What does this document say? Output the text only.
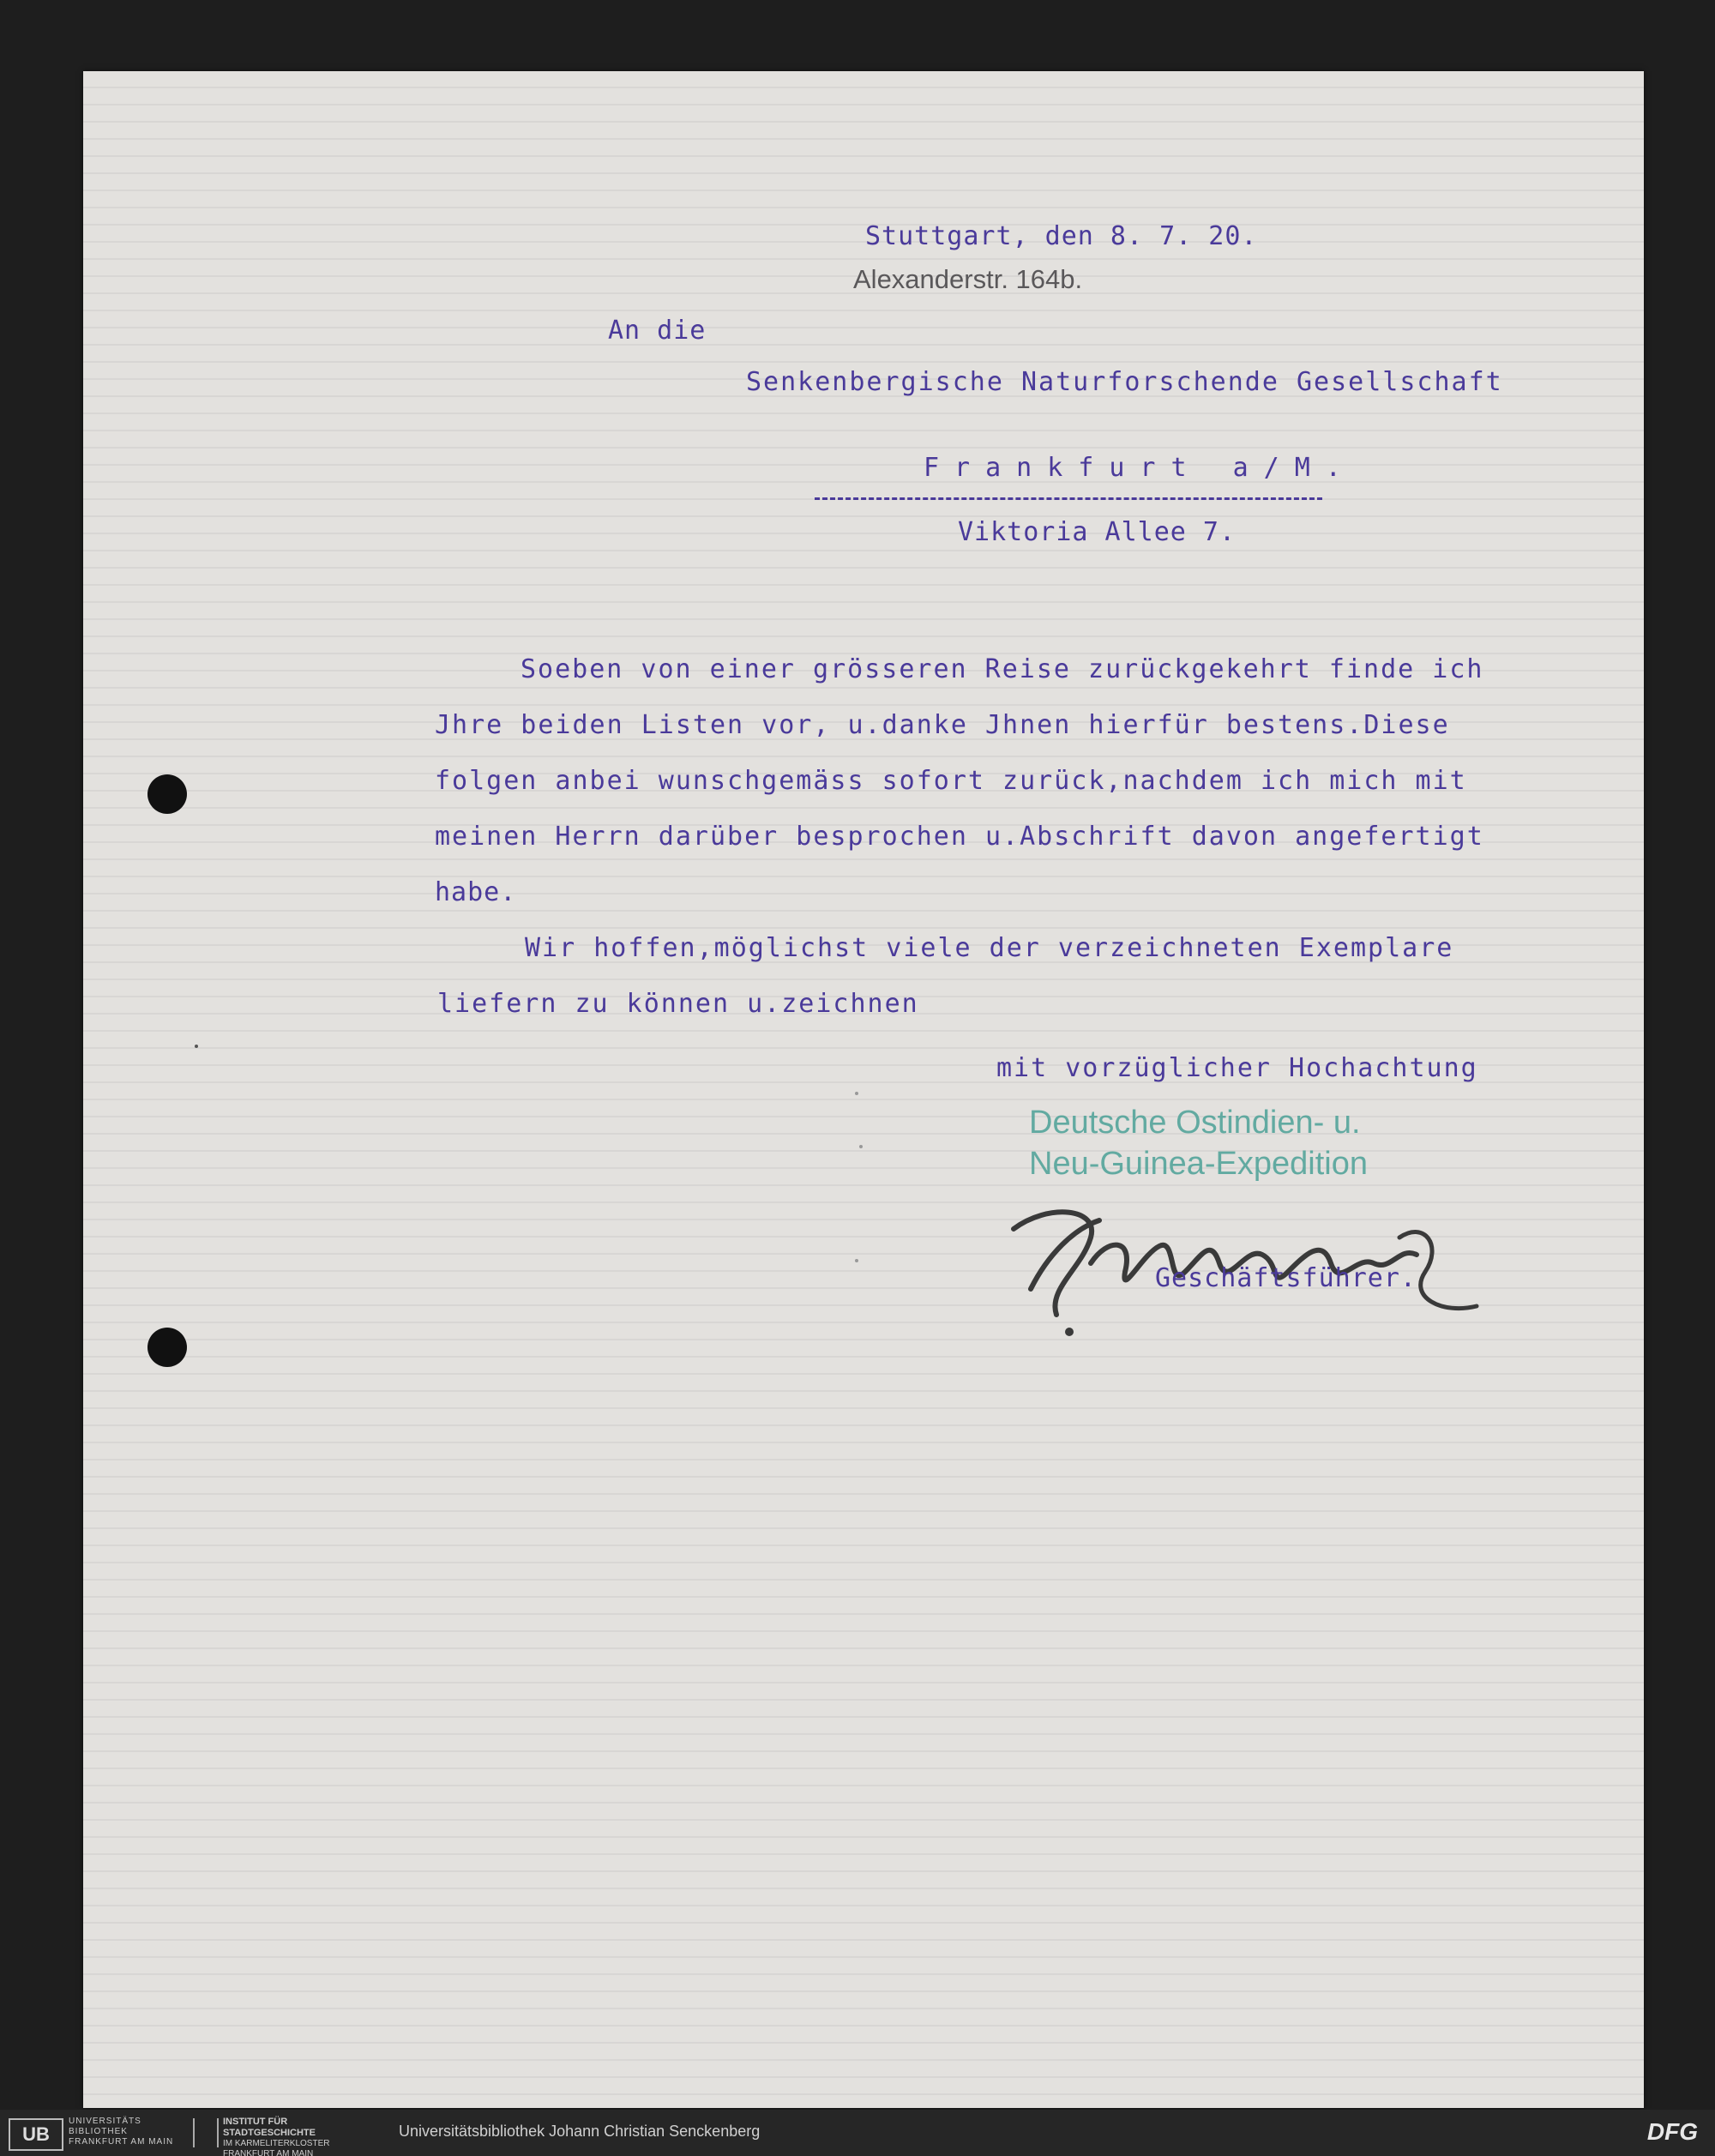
Stuttgart, den 8. 7. 20.

Alexanderstr. 164b.

An die

Senkenbergische Naturforschende Gesellschaft

Frankfurt a/M.

Viktoria Allee 7.

Soeben von einer grösseren Reise zurückgekehrt finde ich

Jhre beiden Listen vor, u.danke Jhnen hierfür bestens.Diese

folgen anbei wunschgemäss sofort zurück,nachdem ich mich mit

meinen Herrn darüber besprochen u.Abschrift davon angefertigt

habe.

Wir hoffen,möglichst viele der verzeichneten Exemplare

liefern zu können u.zeichnen

mit vorzüglicher Hochachtung

Deutsche Ostindien- u.
Neu-Guinea-Expedition

Geschäftsführer.

UB
UNIVERSITÄTS
BIBLIOTHEK
FRANKFURT AM MAIN
INSTITUT FÜR
STADTGESCHICHTE
IM KARMELITERKLOSTER
FRANKFURT AM MAIN
Universitätsbibliothek Johann Christian Senckenberg	DFG
